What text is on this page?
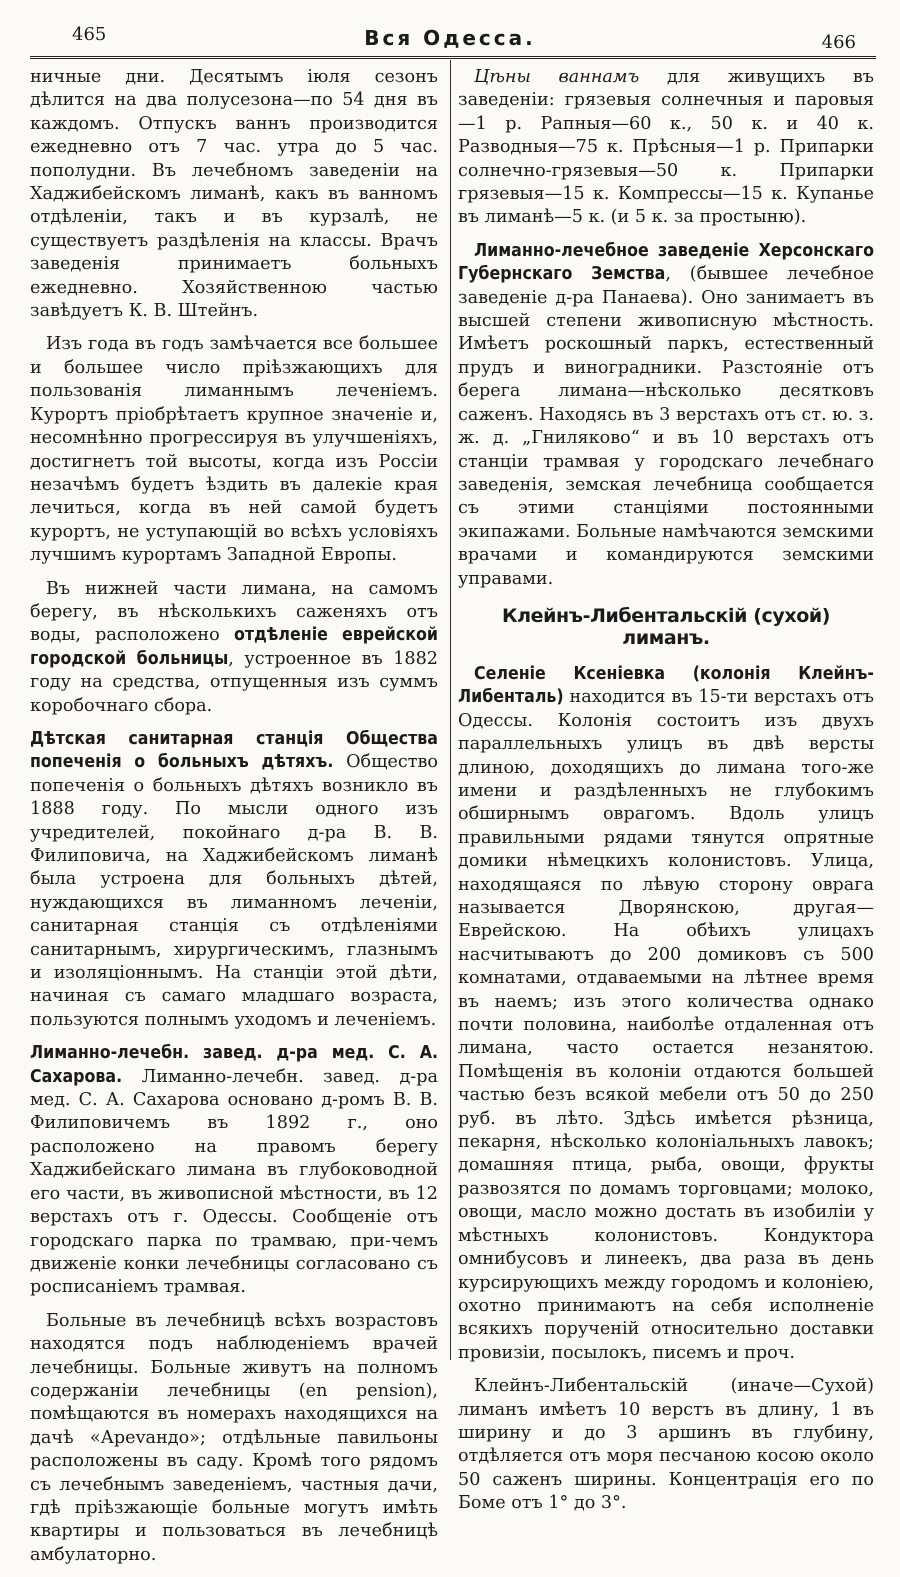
465	Вся Одесса.	466

ничные дни. Десятымъ іюля сезонъ дѣлится на два полусезона—по 54 дня въ каждомъ. Отпускъ ваннъ производится ежедневно отъ 7 час. утра до 5 час. пополудни. Въ лечебномъ заведеніи на Хаджибейскомъ лиманѣ, какъ въ ванномъ отдѣленіи, такъ и въ курзалѣ, не существуетъ раздѣленія на классы. Врачъ заведенія принимаетъ больныхъ ежедневно. Хозяйственною частью завѣдуетъ К. В. Штейнъ.

Изъ года въ годъ замѣчается все большее и большее число пріѣзжающихъ для пользованія лиманнымъ леченіемъ. Курортъ пріобрѣтаетъ крупное значеніе и, несомнѣнно прогрессируя въ улучшеніяхъ, достигнетъ той высоты, когда изъ Россіи незачѣмъ будетъ ѣздить въ далекіе края лечиться, когда въ ней самой будетъ курортъ, не уступающій во всѣхъ условіяхъ лучшимъ курортамъ Западной Европы.

Въ нижней части лимана, на самомъ берегу, въ нѣсколькихъ саженяхъ отъ воды, расположено отдѣленіе еврейской городской больницы, устроенное въ 1882 году на средства, отпущенныя изъ суммъ коробочнаго сбора.

Дѣтская санитарная станція Общества попеченія о больныхъ дѣтяхъ. Общество попеченія о больныхъ дѣтяхъ возникло въ 1888 году. По мысли одного изъ учредителей, покойнаго д-ра В. В. Филиповича, на Хаджибейскомъ лиманѣ была устроена для больныхъ дѣтей, нуждающихся въ лиманномъ леченіи, санитарная станція съ отдѣленіями санитарнымъ, хирургическимъ, глазнымъ и изоляціоннымъ. На станціи этой дѣти, начиная съ самаго младшаго возраста, пользуются полнымъ уходомъ и леченіемъ.

Лиманно-лечебн. завед. д-ра мед. С. А. Сахарова. Лиманно-лечебн. завед. д-ра мед. С. А. Сахарова основано д-ромъ В. В. Филиповичемъ въ 1892 г., оно расположено на правомъ берегу Хаджибейскаго лимана въ глубоководной его части, въ живописной мѣстности, въ 12 верстахъ отъ г. Одессы. Сообщеніе отъ городскаго парка по трамваю, при-чемъ движеніе конки лечебницы согласовано съ росписаніемъ трамвая.

Больные въ лечебницѣ всѣхъ возрастовъ находятся подъ наблюденіемъ врачей лечебницы. Больные живутъ на полномъ содержаніи лечебницы (en pension), помѣщаются въ номерахъ находящихся на дачѣ «Ареvандо»; отдѣльные павильоны расположены въ саду. Кромѣ того рядомъ съ лечебнымъ заведеніемъ, частныя дачи, гдѣ пріѣзжающіе больные могутъ имѣть квартиры и пользоваться въ лечебницѣ амбулаторно.

Цѣны ваннамъ для живущихъ въ заведеніи: грязевыя солнечныя и паровыя—1 р. Рапныя—60 к., 50 к. и 40 к. Разводныя—75 к. Прѣсныя—1 р. Припарки солнечно-грязевыя—50 к. Припарки грязевыя—15 к. Компрессы—15 к. Купанье въ лиманѣ—5 к. (и 5 к. за простыню).

Лиманно-лечебное заведеніе Херсонскаго Губернскаго Земства, (бывшее лечебное заведеніе д-ра Панаева). Оно занимаетъ въ высшей степени живописную мѣстность. Имѣетъ роскошный паркъ, естественный прудъ и виноградники. Разстояніе отъ берега лимана—нѣсколько десятковъ саженъ. Находясь въ 3 верстахъ отъ ст. ю. з. ж. д. „Гниляково“ и въ 10 верстахъ отъ станціи трамвая у городскаго лечебнаго заведенія, земская лечебница сообщается съ этими станціями постоянными экипажами. Больные намѣчаются земскими врачами и командируются земскими управами.

Клейнъ-Либентальскій (сухой) лиманъ.

Селеніе Ксеніевка (колонія Клейнъ-Либенталь) находится въ 15-ти верстахъ отъ Одессы. Колонія состоитъ изъ двухъ параллельныхъ улицъ въ двѣ версты длиною, доходящихъ до лимана того-же имени и раздѣленныхъ не глубокимъ обширнымъ оврагомъ. Вдоль улицъ правильными рядами тянутся опрятные домики нѣмецкихъ колонистовъ. Улица, находящаяся по лѣвую сторону оврага называется Дворянскою, другая—Еврейскою. На обѣихъ улицахъ насчитываютъ до 200 домиковъ съ 500 комнатами, отдаваемыми на лѣтнее время въ наемъ; изъ этого количества однако почти половина, наиболѣе отдаленная отъ лимана, часто остается незанятою. Помѣщенія въ колоніи отдаются большей частью безъ всякой мебели отъ 50 до 250 руб. въ лѣто. Здѣсь имѣется рѣзница, пекарня, нѣсколько колоніальныхъ лавокъ; домашняя птица, рыба, овощи, фрукты развозятся по домамъ торговцами; молоко, овощи, масло можно достать въ изобиліи у мѣстныхъ колонистовъ. Кондуктора омнибусовъ и линеекъ, два раза въ день курсирующихъ между городомъ и колоніею, охотно принимаютъ на себя исполненіе всякихъ порученій относительно доставки провизіи, посылокъ, писемъ и проч.

Клейнъ-Либентальскій (иначе—Сухой) лиманъ имѣетъ 10 верстъ въ длину, 1 въ ширину и до 3 аршинъ въ глубину, отдѣляется отъ моря песчаною косою около 50 саженъ ширины. Концентрація его по Боме отъ 1° до 3°.
